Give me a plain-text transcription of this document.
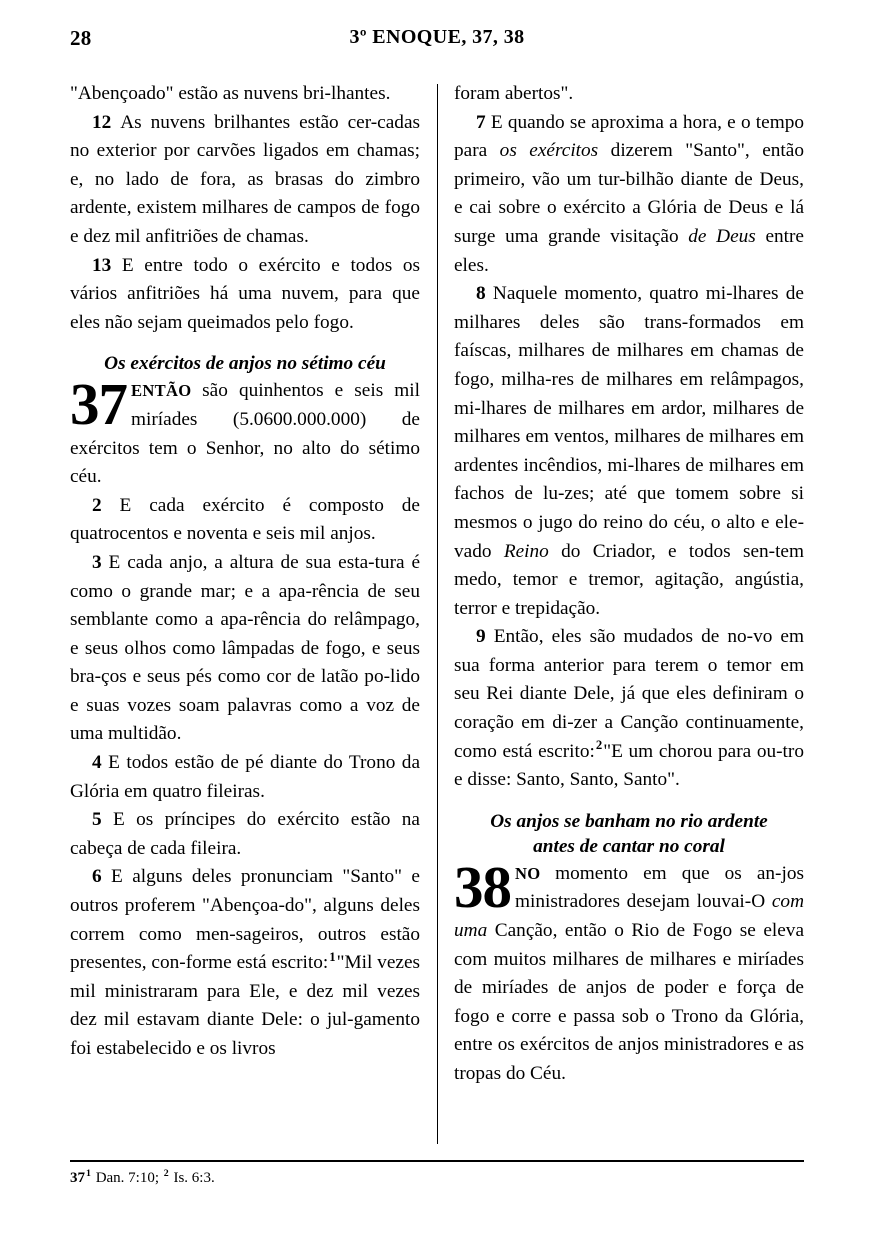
28	3º ENOQUE, 37, 38

"Abençoado" estão as nuvens bri-lhantes.

12 As nuvens brilhantes estão cer-cadas no exterior por carvões ligados em chamas; e, no lado de fora, as brasas do zimbro ardente, existem milhares de campos de fogo e dez mil anfitriões de chamas.

13 E entre todo o exército e todos os vários anfitriões há uma nuvem, para que eles não sejam queimados pelo fogo.

Os exércitos de anjos no sétimo céu

37 ENTÃO são quinhentos e seis mil miríades (5.0600.000.000) de exércitos tem o Senhor, no alto do sétimo céu.

2 E cada exército é composto de quatrocentos e noventa e seis mil anjos.

3 E cada anjo, a altura de sua esta-tura é como o grande mar; e a apa-rência de seu semblante como a apa-rência do relâmpago, e seus olhos como lâmpadas de fogo, e seus bra-ços e seus pés como cor de latão po-lido e suas vozes soam palavras como a voz de uma multidão.

4 E todos estão de pé diante do Trono da Glória em quatro fileiras.

5 E os príncipes do exército estão na cabeça de cada fileira.

6 E alguns deles pronunciam "Santo" e outros proferem "Abençoa-do", alguns deles correm como men-sageiros, outros estão presentes, con-forme está escrito:$^1$"Mil vezes mil ministraram para Ele, e dez mil vezes dez mil estavam diante Dele: o jul-gamento foi estabelecido e os livros

foram abertos".

7 E quando se aproxima a hora, e o tempo para os exércitos dizerem "Santo", então primeiro, vão um tur-bilhão diante de Deus, e cai sobre o exército a Glória de Deus e lá surge uma grande visitação de Deus entre eles.

8 Naquele momento, quatro mi-lhares de milhares deles são trans-formados em faíscas, milhares de milhares em chamas de fogo, milha-res de milhares em relâmpagos, mi-lhares de milhares em ardor, milhares de milhares em ventos, milhares de milhares em ardentes incêndios, mi-lhares de milhares em fachos de lu-zes; até que tomem sobre si mesmos o jugo do reino do céu, o alto e ele-vado Reino do Criador, e todos sen-tem medo, temor e tremor, agitação, angústia, terror e trepidação.

9 Então, eles são mudados de no-vo em sua forma anterior para terem o temor em seu Rei diante Dele, já que eles definiram o coração em di-zer a Canção continuamente, como está escrito:$^2$"E um chorou para ou-tro e disse: Santo, Santo, Santo".

Os anjos se banham no rio ardente
antes de cantar no coral

38 NO momento em que os an-jos ministradores desejam louvai-O com uma Canção, então o Rio de Fogo se eleva com muitos milhares de milhares e miríades de miríades de anjos de poder e força de fogo e corre e passa sob o Trono da Glória, entre os exércitos de anjos ministradores e as tropas do Céu.

37$^1$ Dan. 7:10; $^2$ Is. 6:3.
